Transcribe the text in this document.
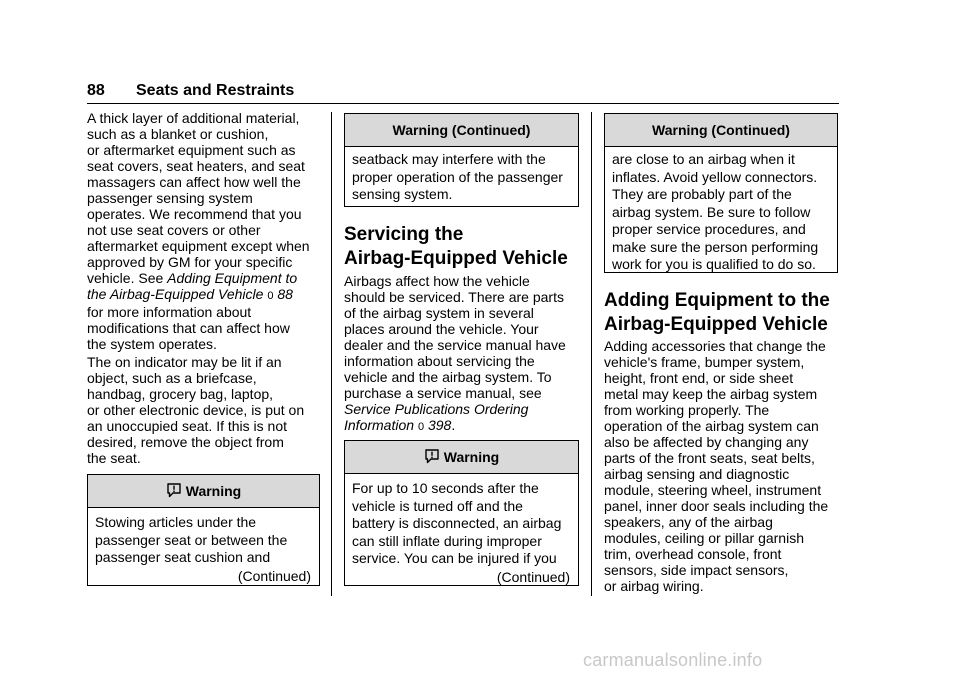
88 Seats and Restraints
A thick layer of additional material,
such as a blanket or cushion,
or aftermarket equipment such as
seat covers, seat heaters, and seat
massagers can affect how well the
passenger sensing system
operates. We recommend that you
not use seat covers or other
aftermarket equipment except when
approved by GM for your specific
vehicle. See Adding Equipment to
the Airbag-Equipped Vehicle 0 88
for more information about
modifications that can affect how
the system operates.
The on indicator may be lit if an
object, such as a briefcase,
handbag, grocery bag, laptop,
or other electronic device, is put on
an unoccupied seat. If this is not
desired, remove the object from
the seat.
Warning
Stowing articles under the
passenger seat or between the
passenger seat cushion and
(Continued)
Warning (Continued)
seatback may interfere with the
proper operation of the passenger
sensing system.
Servicing the
Airbag-Equipped Vehicle
Airbags affect how the vehicle
should be serviced. There are parts
of the airbag system in several
places around the vehicle. Your
dealer and the service manual have
information about servicing the
vehicle and the airbag system. To
purchase a service manual, see
Service Publications Ordering
Information 0 398.
Warning
For up to 10 seconds after the
vehicle is turned off and the
battery is disconnected, an airbag
can still inflate during improper
service. You can be injured if you
(Continued)
Warning (Continued)
are close to an airbag when it
inflates. Avoid yellow connectors.
They are probably part of the
airbag system. Be sure to follow
proper service procedures, and
make sure the person performing
work for you is qualified to do so.
Adding Equipment to the
Airbag-Equipped Vehicle
Adding accessories that change the
vehicle's frame, bumper system,
height, front end, or side sheet
metal may keep the airbag system
from working properly. The
operation of the airbag system can
also be affected by changing any
parts of the front seats, seat belts,
airbag sensing and diagnostic
module, steering wheel, instrument
panel, inner door seals including the
speakers, any of the airbag
modules, ceiling or pillar garnish
trim, overhead console, front
sensors, side impact sensors,
or airbag wiring.
carmanualsonline.info
